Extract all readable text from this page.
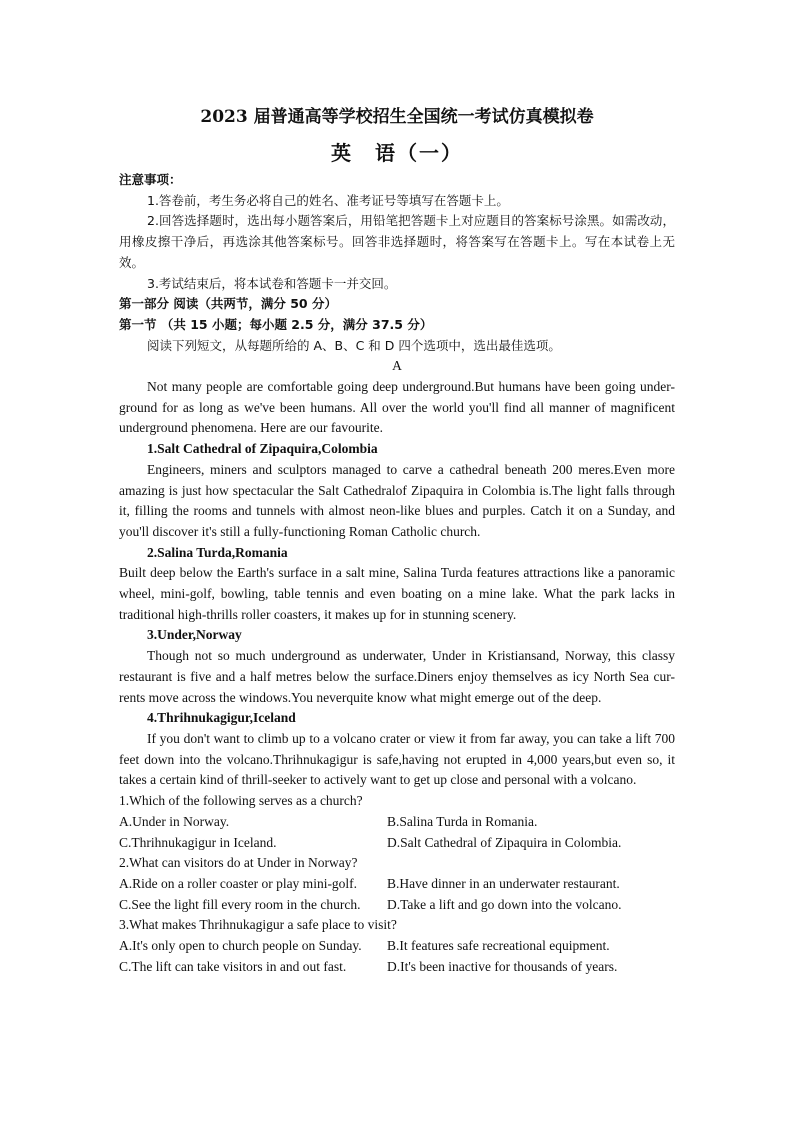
2023 届普通高等学校招生全国统一考试仿真模拟卷

英　语（一）

注意事项：

1.答卷前，考生务必将自己的姓名、准考证号等填写在答题卡上。

2.回答选择题时，选出每小题答案后，用铅笔把答题卡上对应题目的答案标号涂黑。如需改动，用橡皮擦干净后，再选涂其他答案标号。回答非选择题时，将答案写在答题卡上。写在本试卷上无效。

3.考试结束后，将本试卷和答题卡一并交回。

第一部分 阅读（共两节，满分 50 分）

第一节 （共 15 小题；每小题 2.5 分，满分 37.5 分）

阅读下列短文，从每题所给的 A、B、C 和 D 四个选项中，选出最佳选项。

A

Not many people are comfortable going deep underground.But humans have been going under-ground for as long as we've been humans. All over the world you'll find all manner of magnificent underground phenomena. Here are our favourite.

1.Salt Cathedral of Zipaquira,Colombia

Engineers, miners and sculptors managed to carve a cathedral beneath 200 meres.Even more amazing is just how spectacular the Salt Cathedralof Zipaquira in Colombia is.The light falls through it, filling the rooms and tunnels with almost neon-like blues and purples. Catch it on a Sunday, and you'll discover it's still a fully-functioning Roman Catholic church.

2.Salina Turda,Romania

Built deep below the Earth's surface in a salt mine, Salina Turda features attractions like a panoramic wheel, mini-golf, bowling, table tennis and even boating on a mine lake. What the park lacks in traditional high-thrills roller coasters, it makes up for in stunning scenery.

3.Under,Norway

Though not so much underground as underwater, Under in Kristiansand, Norway, this classy restaurant is five and a half metres below the surface.Diners enjoy themselves as icy North Sea cur-rents move across the windows.You neverquite know what might emerge out of the deep.

4.Thrihnukagigur,Iceland

If you don't want to climb up to a volcano crater or view it from far away, you can take a lift 700 feet down into the volcano.Thrihnukagigur is safe,having not erupted in 4,000 years,but even so, it takes a certain kind of thrill-seeker to actively want to get up close and personal with a volcano.

1.Which of the following serves as a church?

A.Under in Norway.	B.Salina Turda in Romania.
C.Thrihnukagigur in Iceland.	D.Salt Cathedral of Zipaquira in Colombia.

2.What can visitors do at Under in Norway?

A.Ride on a roller coaster or play mini-golf.	B.Have dinner in an underwater restaurant.
C.See the light fill every room in the church.	D.Take a lift and go down into the volcano.

3.What makes Thrihnukagigur a safe place to visit?

A.It's only open to church people on Sunday.	B.It features safe recreational equipment.
C.The lift can take visitors in and out fast.	D.It's been inactive for thousands of years.
